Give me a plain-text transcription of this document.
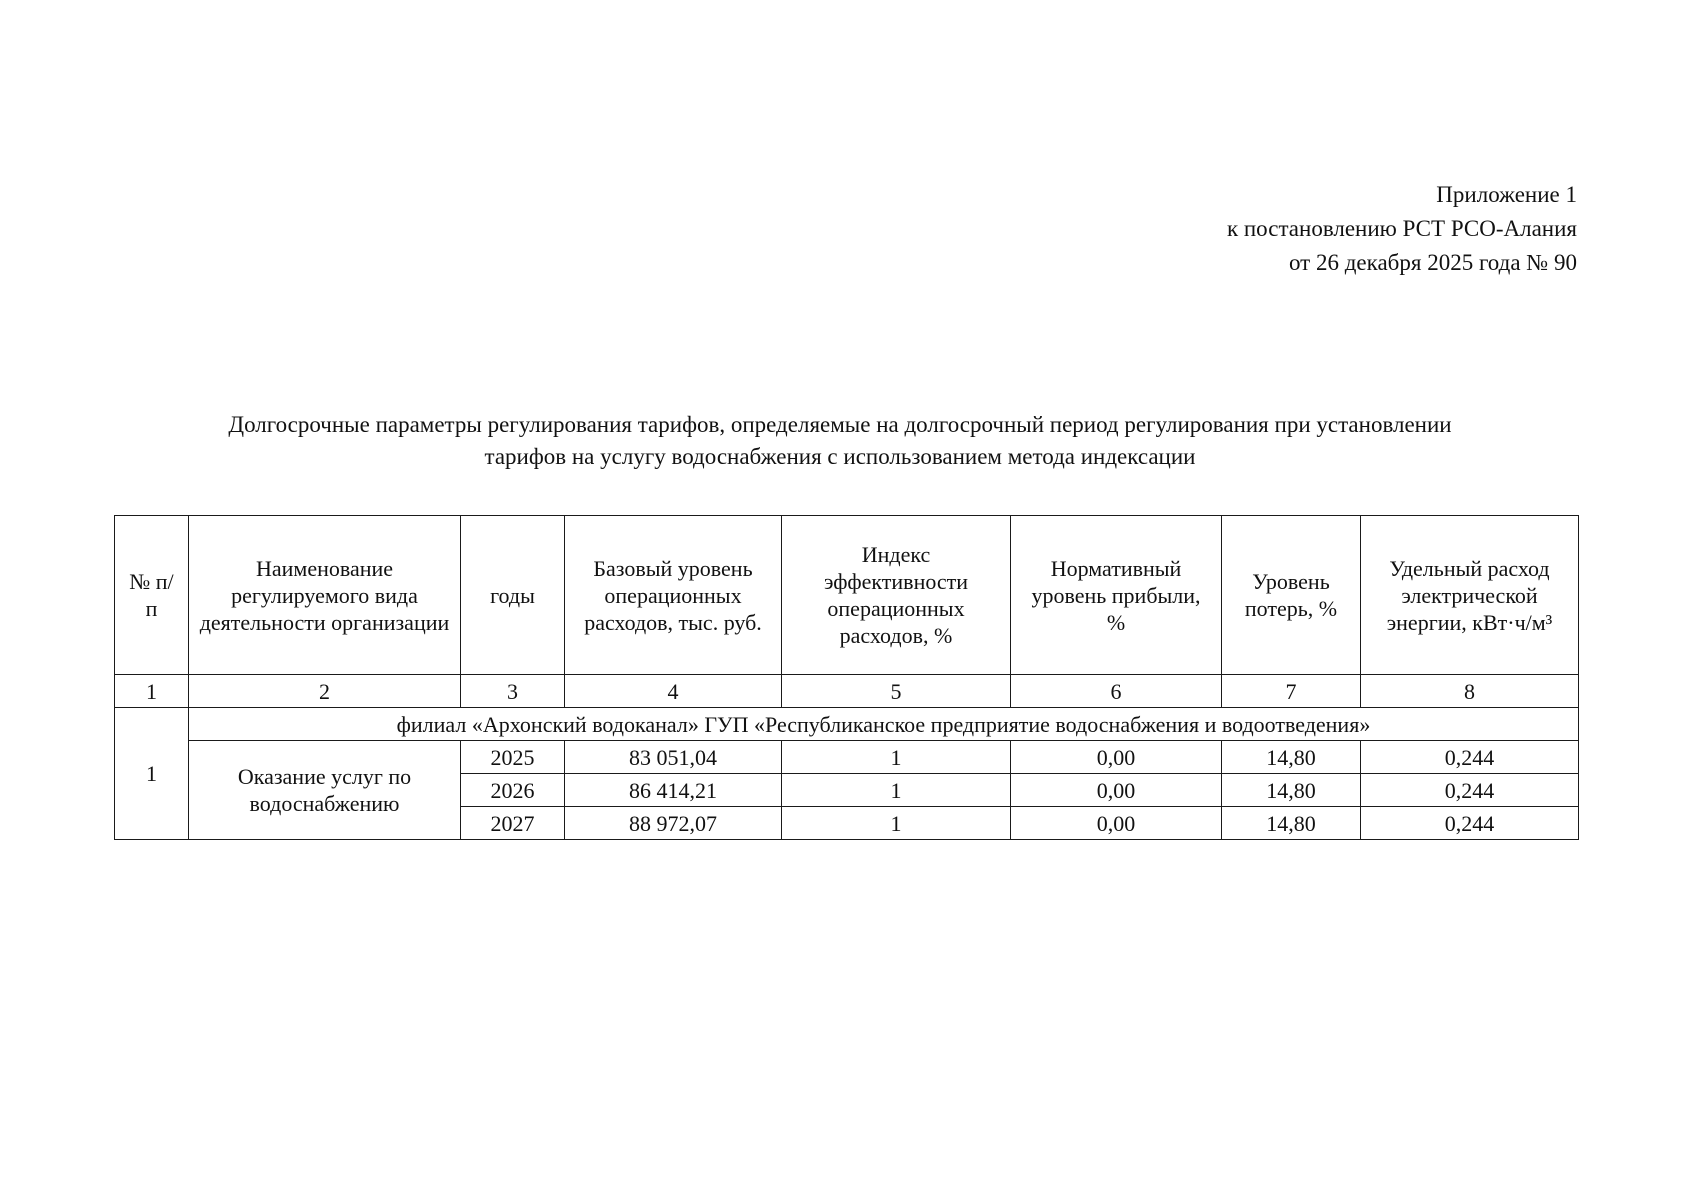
Приложение 1
к постановлению РСТ РСО-Алания
от 26 декабря 2025 года № 90
Долгосрочные параметры регулирования тарифов, определяемые на долгосрочный период регулирования при установлении
тарифов на услугу водоснабжения с использованием метода индексации
№ п/п	Наименование регулируемого вида деятельности организации	годы	Базовый уровень операционных расходов, тыс. руб.	Индекс эффективности операционных расходов, %	Нормативный уровень прибыли, %	Уровень потерь, %	Удельный расход электрической энергии, кВт·ч/м³
1	2	3	4	5	6	7	8
1	филиал «Архонский водоканал» ГУП «Республиканское предприятие водоснабжения и водоотведения»						
	Оказание услуг по водоснабжению	2025	83 051,04	1	0,00	14,80	0,244
		2026	86 414,21	1	0,00	14,80	0,244
		2027	88 972,07	1	0,00	14,80	0,244
